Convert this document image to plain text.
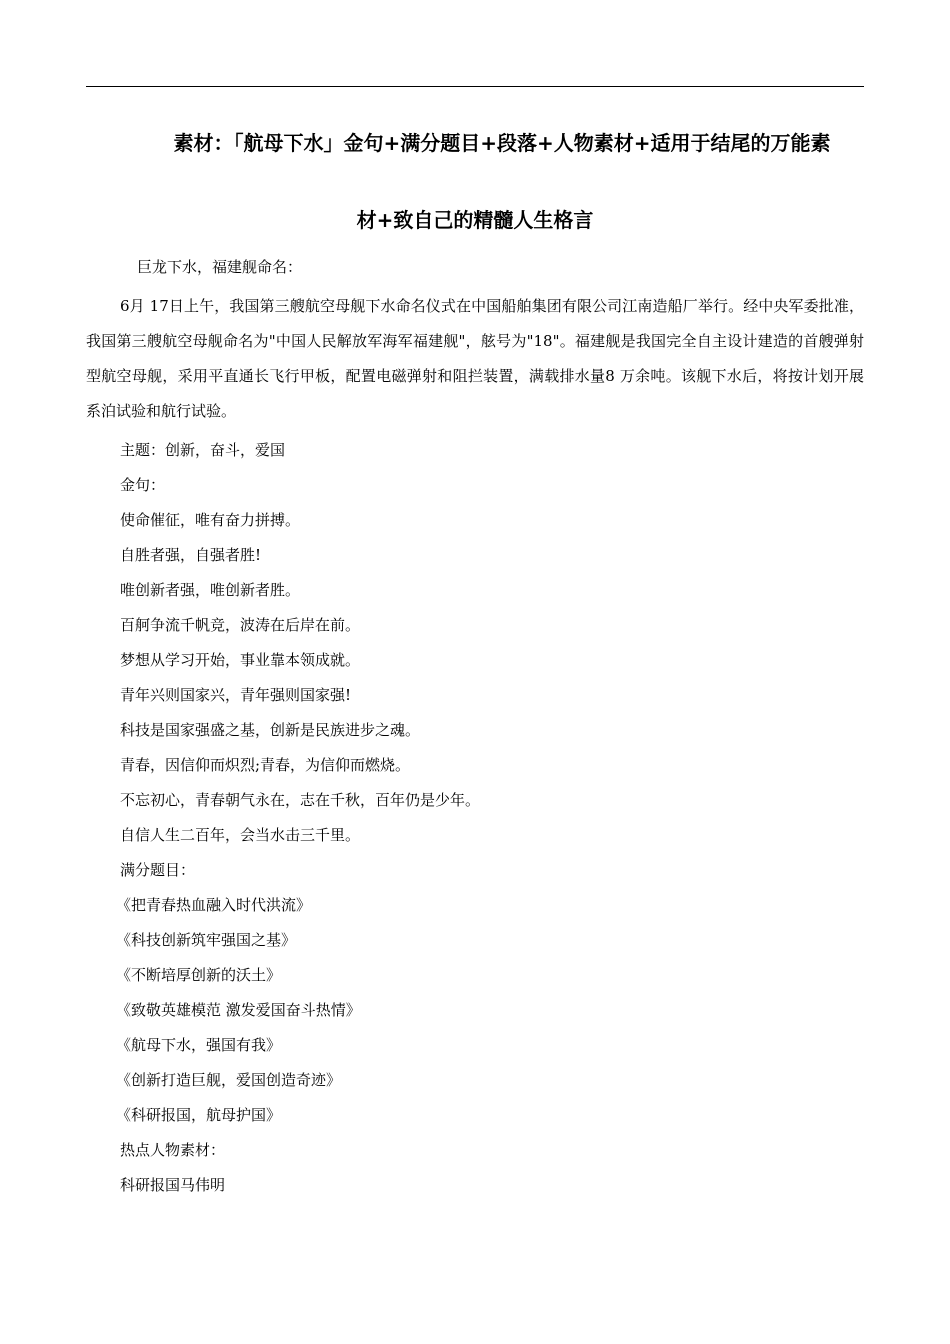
素材：「航母下水」金句+满分题目+段落+人物素材+适用于结尾的万能素
材+致自己的精髓人生格言
巨龙下水，福建舰命名：
6月 17日上午，我国第三艘航空母舰下水命名仪式在中国船舶集团有限公司江南造船厂举行。经中央军委批准，我国第三艘航空母舰命名为"中国人民解放军海军福建舰"，舷号为"18"。福建舰是我国完全自主设计建造的首艘弹射型航空母舰，采用平直通长飞行甲板，配置电磁弹射和阻拦装置，满载排水量8 万余吨。该舰下水后，将按计划开展系泊试验和航行试验。
主题：创新，奋斗，爱国
金句：
使命催征，唯有奋力拼搏。
自胜者强，自强者胜!
唯创新者强，唯创新者胜。
百舸争流千帆竞，波涛在后岸在前。
梦想从学习开始，事业靠本领成就。
青年兴则国家兴，青年强则国家强!
科技是国家强盛之基，创新是民族进步之魂。
青春，因信仰而炽烈;青春，为信仰而燃烧。
不忘初心，青春朝气永在，志在千秋，百年仍是少年。
自信人生二百年，会当水击三千里。
满分题目：
《把青春热血融入时代洪流》
《科技创新筑牢强国之基》
《不断培厚创新的沃土》
《致敬英雄模范 激发爱国奋斗热情》
《航母下水，强国有我》
《创新打造巨舰，爱国创造奇迹》
《科研报国，航母护国》
热点人物素材：
科研报国马伟明
